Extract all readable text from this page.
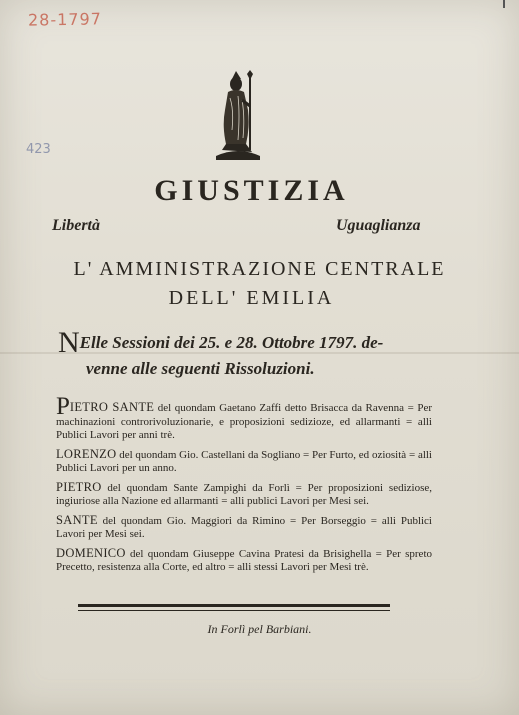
28-1797
423
GIUSTIZIA
Libertà	Uguaglianza
L' AMMINISTRAZIONE CENTRALE
DELL' EMILIA
NElle Sessioni dei 25. e 28. Ottobre 1797. de-
venne alle seguenti Rissoluzioni.
PIETRO SANTE del quondam Gaetano Zaffi detto Brisacca da Ravenna = Per machinazioni controrivoluzionarie, e proposizioni sedizioze, ed allarmanti = alli Publici Lavori per anni trè.
LORENZO del quondam Gio. Castellani da Sogliano = Per Furto, ed oziosità = alli Publici Lavori per un anno.
PIETRO del quondam Sante Zampighi da Forlì = Per proposizioni sediziose, ingiuriose alla Nazione ed allarmanti = alli publici Lavori per Mesi sei.
SANTE del quondam Gio. Maggiori da Rimino = Per Borseggio = alli Publici Lavori per Mesi sei.
DOMENICO del quondam Giuseppe Cavina Pratesi da Brisighella = Per spreto Precetto, resistenza alla Corte, ed altro = alli stessi Lavori per Mesi trè.
In Forlì pel Barbiani.
